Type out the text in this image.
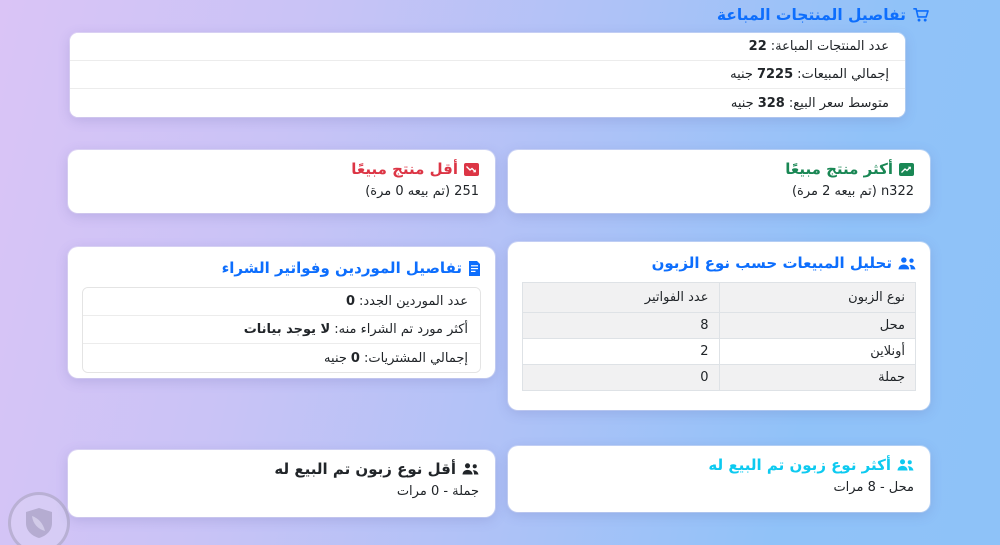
تفاصيل المنتجات المباعة
عدد المنتجات المباعة:
22
إجمالي المبيعات:
7225
جنيه
متوسط سعر البيع:
328
جنيه
أقل منتج مبيعًا
251 (تم بيعه 0 مرة)
أكثر منتج مبيعًا
n322 (تم بيعه 2 مرة)
تفاصيل الموردين وفواتير الشراء
عدد الموردين الجدد:
0
أكثر مورد تم الشراء منه:
لا يوجد بيانات
إجمالي المشتريات:
0
جنيه
تحليل المبيعات حسب نوع الزبون
نوع الزبون	عدد الفواتير
محل	8
أونلاين	2
جملة	0
أقل نوع زبون تم البيع له
جملة - 0 مرات
أكثر نوع زبون تم البيع له
محل - 8 مرات
